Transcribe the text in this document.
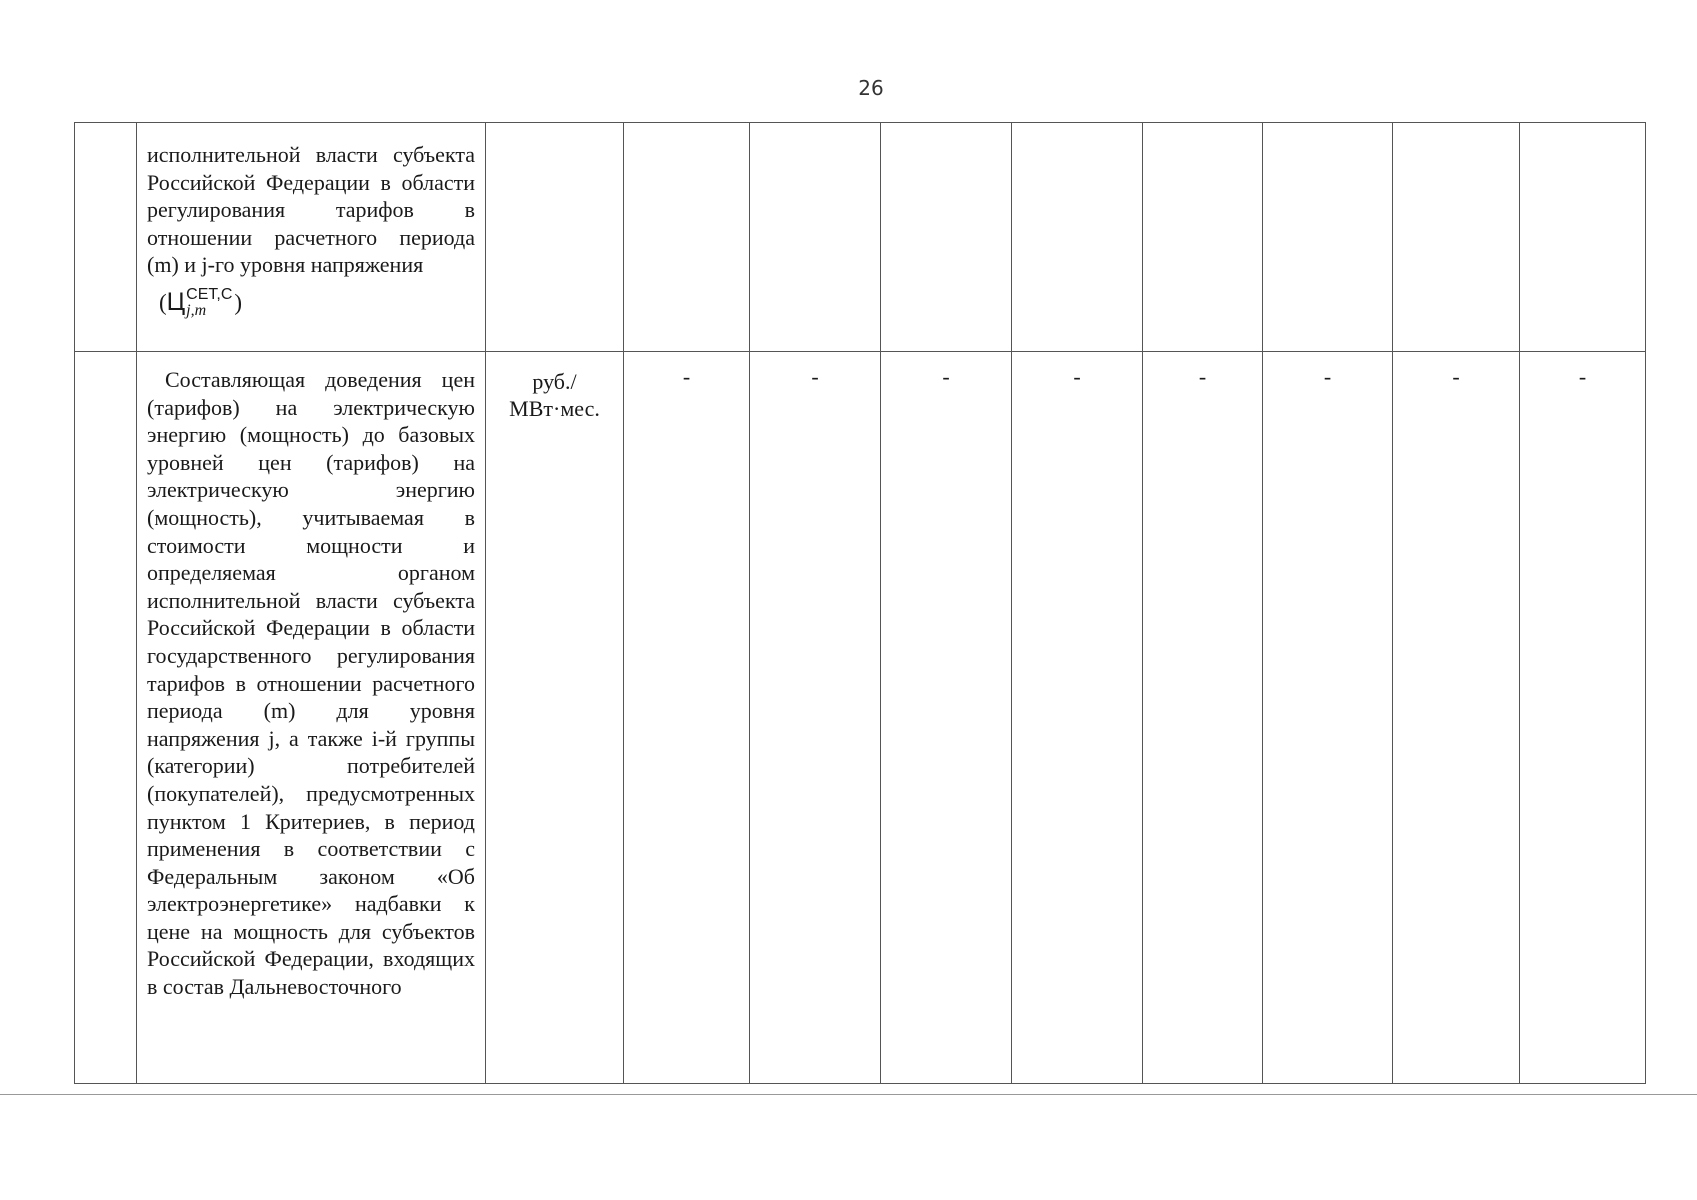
26

	исполнительной власти субъекта Российской Федерации в области регулирования тарифов в отношении расчетного периода (m) и j-го уровня напряжения
(Ц СЕТ,С
j,m )									

	Составляющая доведения цен (тарифов) на электрическую энергию (мощность) до базовых уровней цен (тарифов) на электрическую энергию (мощность), учитываемая в стоимости мощности и определяемая органом исполнительной власти субъекта Российской Федерации в области государственного регулирования тарифов в отношении расчетного периода (m) для уровня напряжения j, а также i-й группы (категории) потребителей (покупателей), предусмотренных пунктом 1 Критериев, в период применения в соответствии с Федеральным законом «Об электроэнергетике» надбавки к цене на мощность для субъектов Российской Федерации, входящих в состав Дальневосточного	руб./
МВт·мес.	-	-	-	-	-	-	-	-
